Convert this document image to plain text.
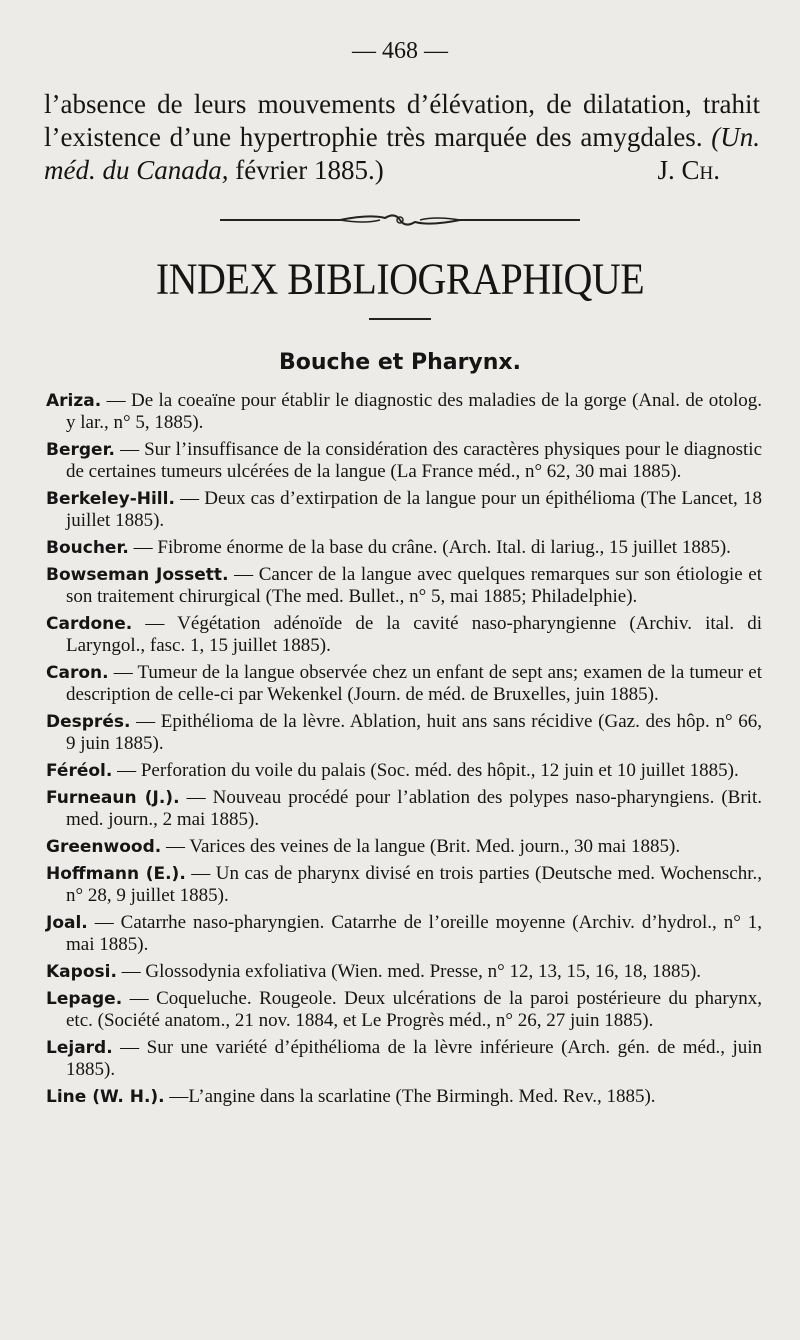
— 468 —
l’absence de leurs mouvements d’élévation, de dilatation, trahit l’existence d’une hypertrophie très marquée des amygdales. (Un. méd. du Canada, février 1885.)	J. Ch.
INDEX BIBLIOGRAPHIQUE
Bouche et Pharynx.
Ariza. — De la coeaïne pour établir le diagnostic des maladies de la gorge (Anal. de otolog. y lar., n° 5, 1885).
Berger. — Sur l’insuffisance de la considération des caractères physiques pour le diagnostic de certaines tumeurs ulcérées de la langue (La France méd., n° 62, 30 mai 1885).
Berkeley-Hill. — Deux cas d’extirpation de la langue pour un épithélioma (The Lancet, 18 juillet 1885).
Boucher. — Fibrome énorme de la base du crâne. (Arch. Ital. di lariug., 15 juillet 1885).
Bowseman Jossett. — Cancer de la langue avec quelques remarques sur son étiologie et son traitement chirurgical (The med. Bullet., n° 5, mai 1885; Philadelphie).
Cardone. — Végétation adénoïde de la cavité naso-pharyngienne (Archiv. ital. di Laryngol., fasc. 1, 15 juillet 1885).
Caron. — Tumeur de la langue observée chez un enfant de sept ans; examen de la tumeur et description de celle-ci par Wekenkel (Journ. de méd. de Bruxelles, juin 1885).
Després. — Epithélioma de la lèvre. Ablation, huit ans sans récidive (Gaz. des hôp. n° 66, 9 juin 1885).
Féréol. — Perforation du voile du palais (Soc. méd. des hôpit., 12 juin et 10 juillet 1885).
Furneaun (J.). — Nouveau procédé pour l’ablation des polypes naso-pharyngiens. (Brit. med. journ., 2 mai 1885).
Greenwood. — Varices des veines de la langue (Brit. Med. journ., 30 mai 1885).
Hoffmann (E.). — Un cas de pharynx divisé en trois parties (Deutsche med. Wochenschr., n° 28, 9 juillet 1885).
Joal. — Catarrhe naso-pharyngien. Catarrhe de l’oreille moyenne (Archiv. d’hydrol., n° 1, mai 1885).
Kaposi. — Glossodynia exfoliativa (Wien. med. Presse, n° 12, 13, 15, 16, 18, 1885).
Lepage. — Coqueluche. Rougeole. Deux ulcérations de la paroi postérieure du pharynx, etc. (Société anatom., 21 nov. 1884, et Le Progrès méd., n° 26, 27 juin 1885).
Lejard. — Sur une variété d’épithélioma de la lèvre inférieure (Arch. gén. de méd., juin 1885).
Line (W. H.). —L’angine dans la scarlatine (The Birmingh. Med. Rev., 1885).
